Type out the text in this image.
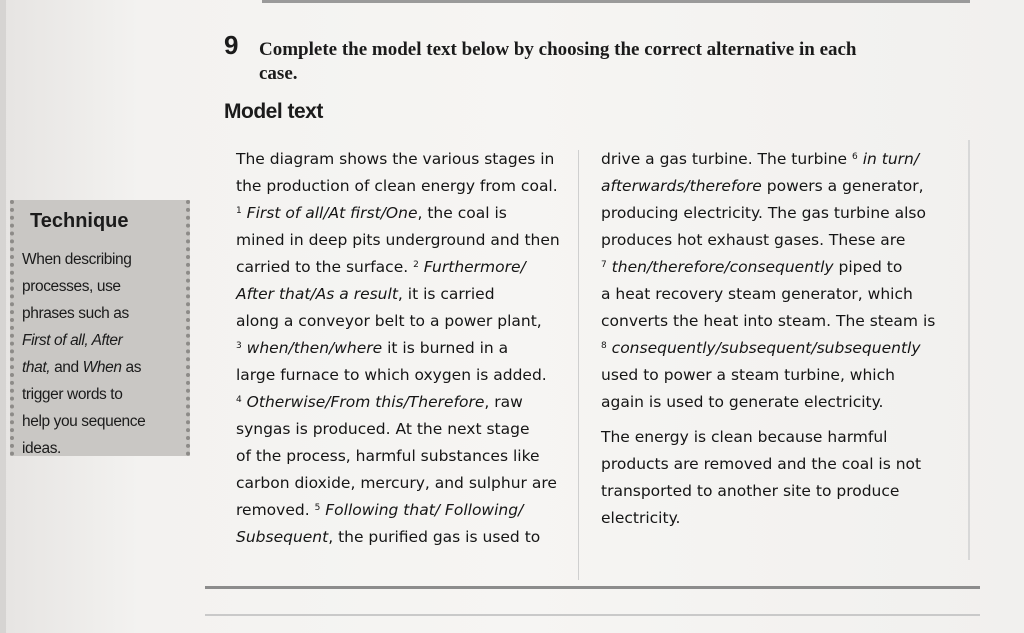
9 Complete the model text below by choosing the correct alternative in each
case.
Model text
Technique
When describing
processes, use
phrases such as
First of all, After
that, and When as
trigger words to
help you sequence
ideas.
The diagram shows the various stages in
the production of clean energy from coal.
$^1$ First of all/At first/One, the coal is
mined in deep pits underground and then
carried to the surface. $^2$ Furthermore/
After that/As a result, it is carried
along a conveyor belt to a power plant,
$^3$ when/then/where it is burned in a
large furnace to which oxygen is added.
$^4$ Otherwise/From this/Therefore, raw
syngas is produced. At the next stage
of the process, harmful substances like
carbon dioxide, mercury, and sulphur are
removed. $^5$ Following that/ Following/
Subsequent, the purified gas is used to
drive a gas turbine. The turbine $^6$ in turn/
afterwards/therefore powers a generator,
producing electricity. The gas turbine also
produces hot exhaust gases. These are
$^7$ then/therefore/consequently piped to
a heat recovery steam generator, which
converts the heat into steam. The steam is
$^8$ consequently/subsequent/subsequently
used to power a steam turbine, which
again is used to generate electricity.
The energy is clean because harmful
products are removed and the coal is not
transported to another site to produce
electricity.
